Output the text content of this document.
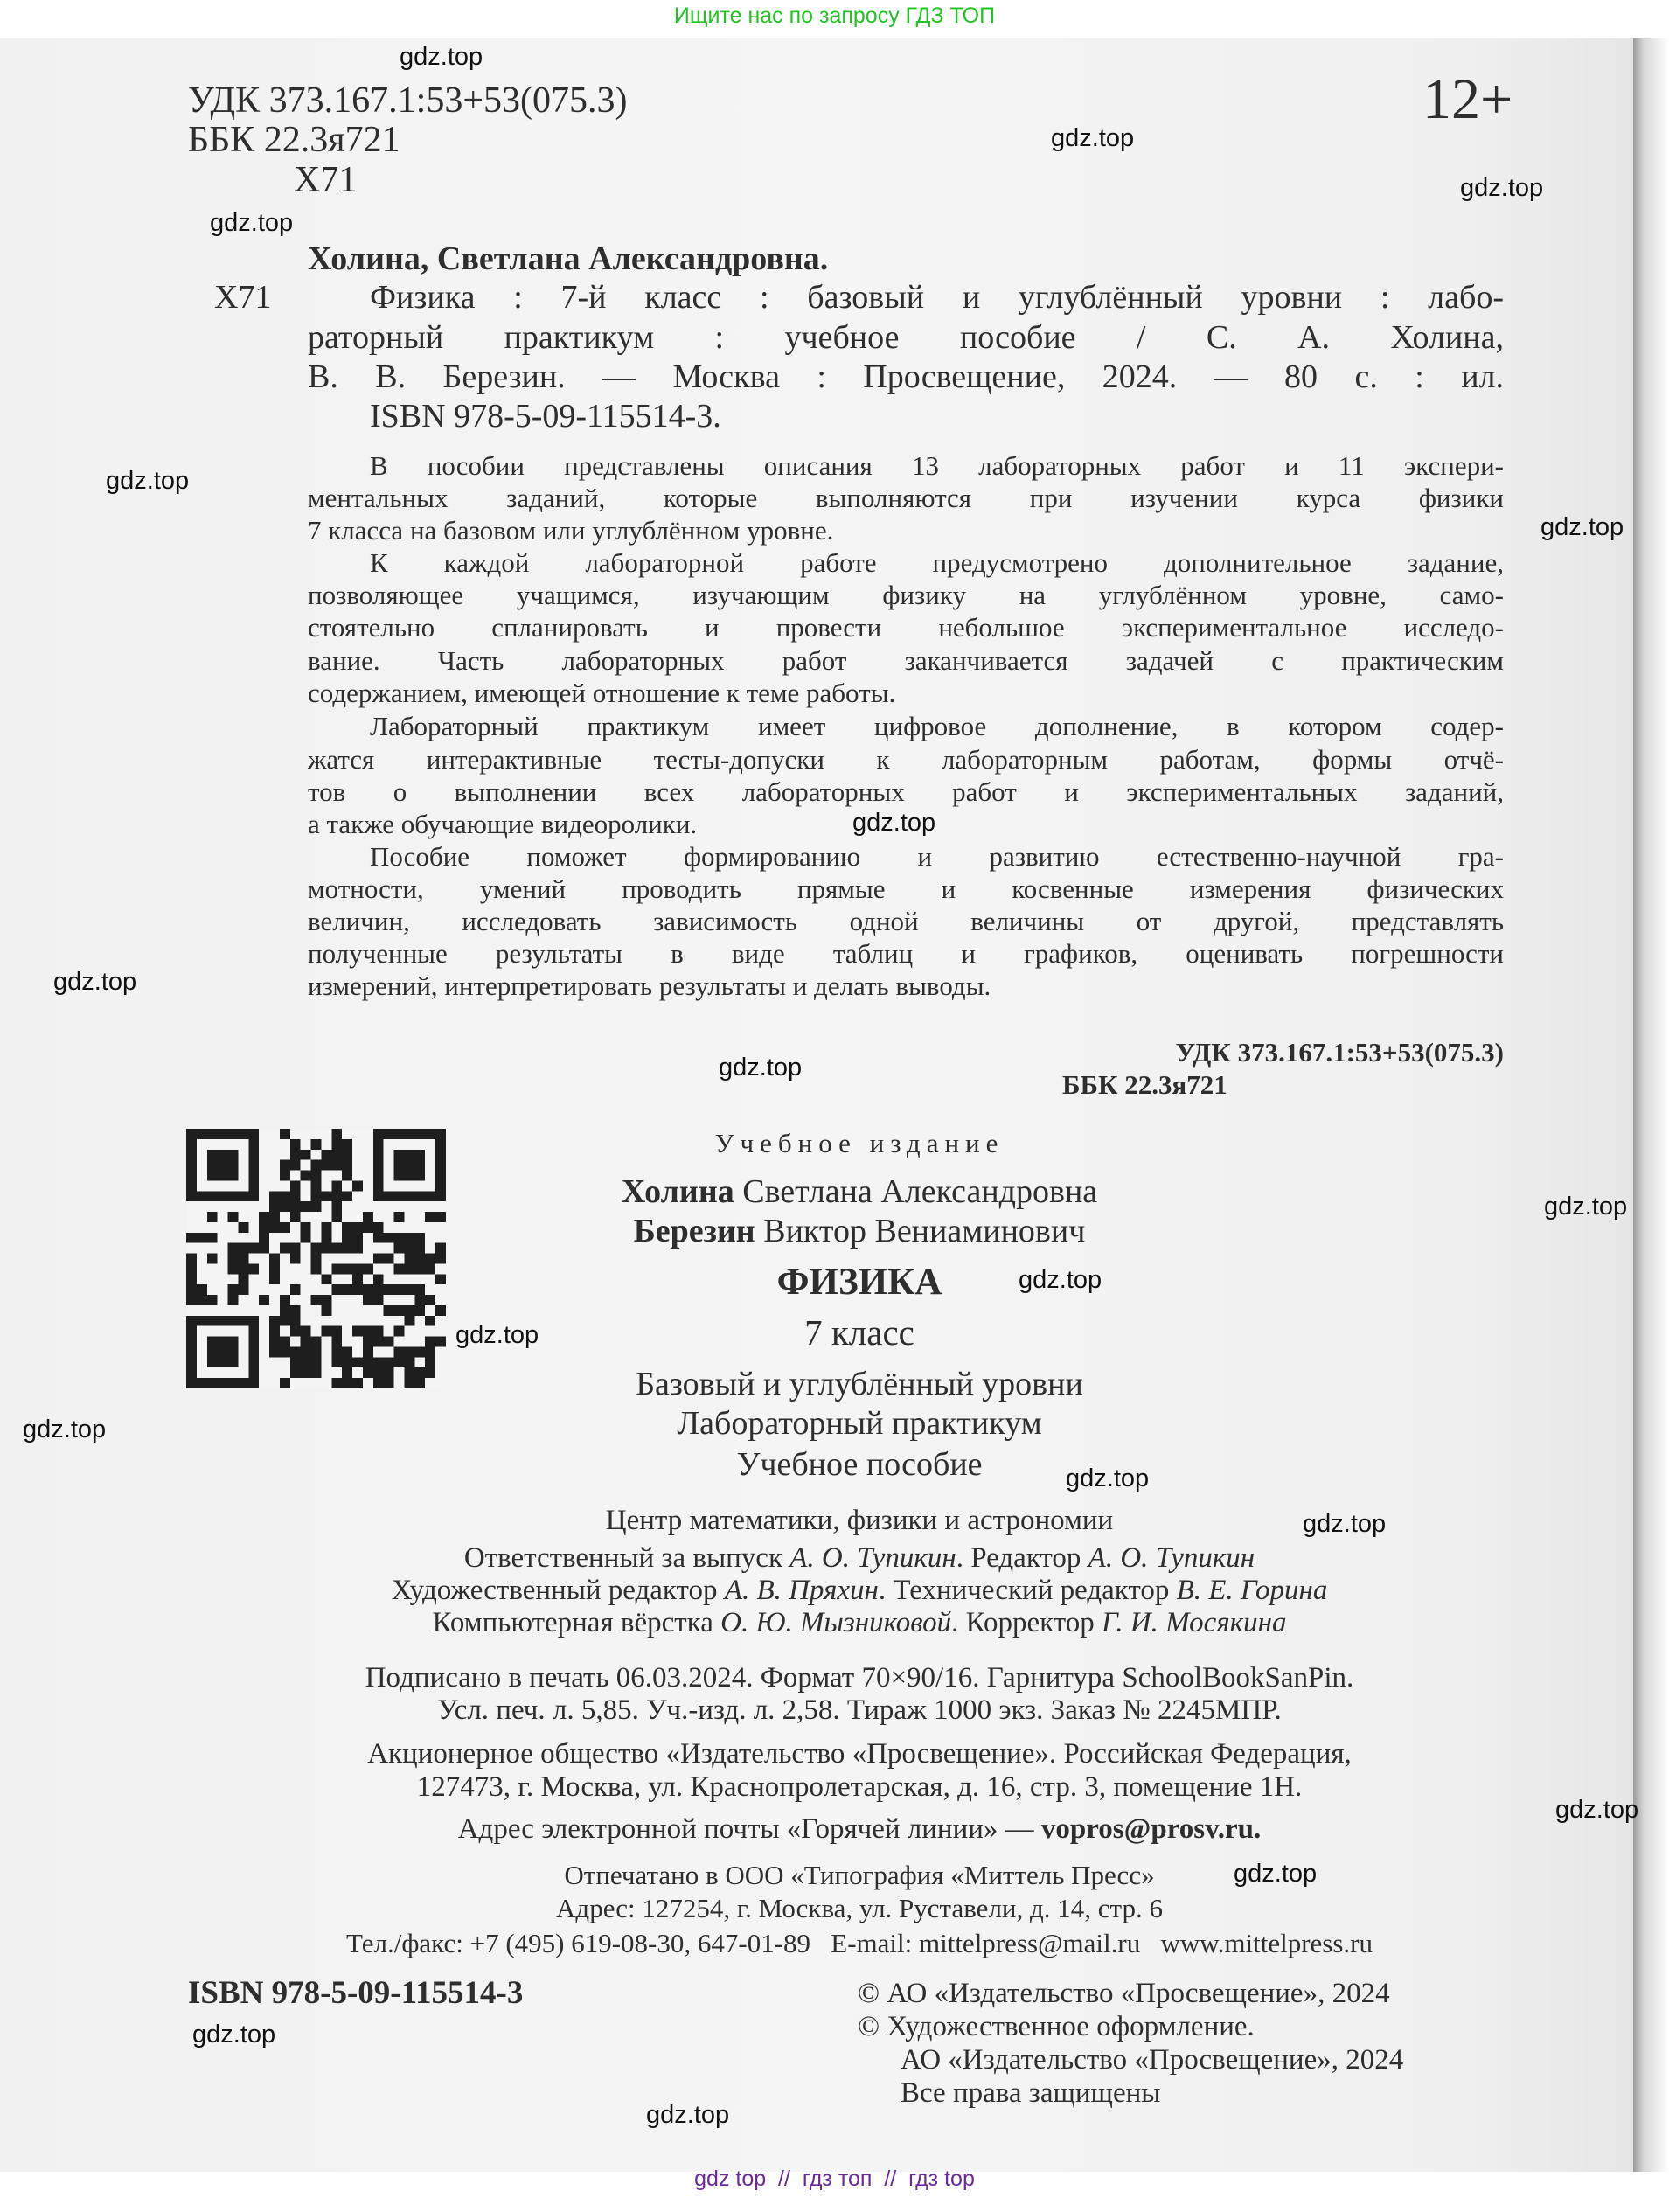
Ищите нас по запросу ГДЗ ТОП
УДК 373.167.1:53+53(075.3)
ББК 22.3я721
Х71
12+
Холина, Светлана Александровна.
Х71	Физика : 7-й класс : базовый и углублённый уровни : лабо-
раторный практикум : учебное пособие / С. А. Холина,
В. В. Березин. — Москва : Просвещение, 2024. — 80 с. : ил.
ISBN 978-5-09-115514-3.
В пособии представлены описания 13 лабораторных работ и 11 экспери-
ментальных заданий, которые выполняются при изучении курса физики
7 класса на базовом или углублённом уровне.
К каждой лабораторной работе предусмотрено дополнительное задание,
позволяющее учащимся, изучающим физику на углублённом уровне, само-
стоятельно спланировать и провести небольшое экспериментальное исследо-
вание. Часть лабораторных работ заканчивается задачей с практическим
содержанием, имеющей отношение к теме работы.
Лабораторный практикум имеет цифровое дополнение, в котором содер-
жатся интерактивные тесты-допуски к лабораторным работам, формы отчё-
тов о выполнении всех лабораторных работ и экспериментальных заданий,
а также обучающие видеоролики.
Пособие поможет формированию и развитию естественно-научной гра-
мотности, умений проводить прямые и косвенные измерения физических
величин, исследовать зависимость одной величины от другой, представлять
полученные результаты в виде таблиц и графиков, оценивать погрешности
измерений, интерпретировать результаты и делать выводы.
УДК 373.167.1:53+53(075.3)
ББК 22.3я721
Учебное издание
Холина Светлана Александровна
Березин Виктор Вениаминович
ФИЗИКА
7 класс
Базовый и углублённый уровни
Лабораторный практикум
Учебное пособие
Центр математики, физики и астрономии
Ответственный за выпуск А. О. Тупикин. Редактор А. О. Тупикин
Художественный редактор А. В. Пряхин. Технический редактор В. Е. Горина
Компьютерная вёрстка О. Ю. Мызниковой. Корректор Г. И. Мосякина
Подписано в печать 06.03.2024. Формат 70×90/16. Гарнитура SchoolBookSanPin.
Усл. печ. л. 5,85. Уч.-изд. л. 2,58. Тираж 1000 экз. Заказ № 2245МПР.
Акционерное общество «Издательство «Просвещение». Российская Федерация,
127473, г. Москва, ул. Краснопролетарская, д. 16, стр. 3, помещение 1Н.
Адрес электронной почты «Горячей линии» — vopros@prosv.ru.
Отпечатано в ООО «Типография «Миттель Пресс»
Адрес: 127254, г. Москва, ул. Руставели, д. 14, стр. 6
Тел./факс: +7 (495) 619-08-30, 647-01-89   E-mail: mittelpress@mail.ru   www.mittelpress.ru
ISBN 978-5-09-115514-3	© АО «Издательство «Просвещение», 2024
© Художественное оформление.
АО «Издательство «Просвещение», 2024
Все права защищены
gdz.top
gdz.top
gdz.top
gdz.top
gdz.top
gdz.top
gdz.top
gdz.top
gdz.top
gdz.top
gdz.top
gdz.top
gdz.top
gdz.top
gdz.top
gdz.top
gdz.top
gdz.top
gdz.top
gdz top  //  гдз топ  //  гдз top
